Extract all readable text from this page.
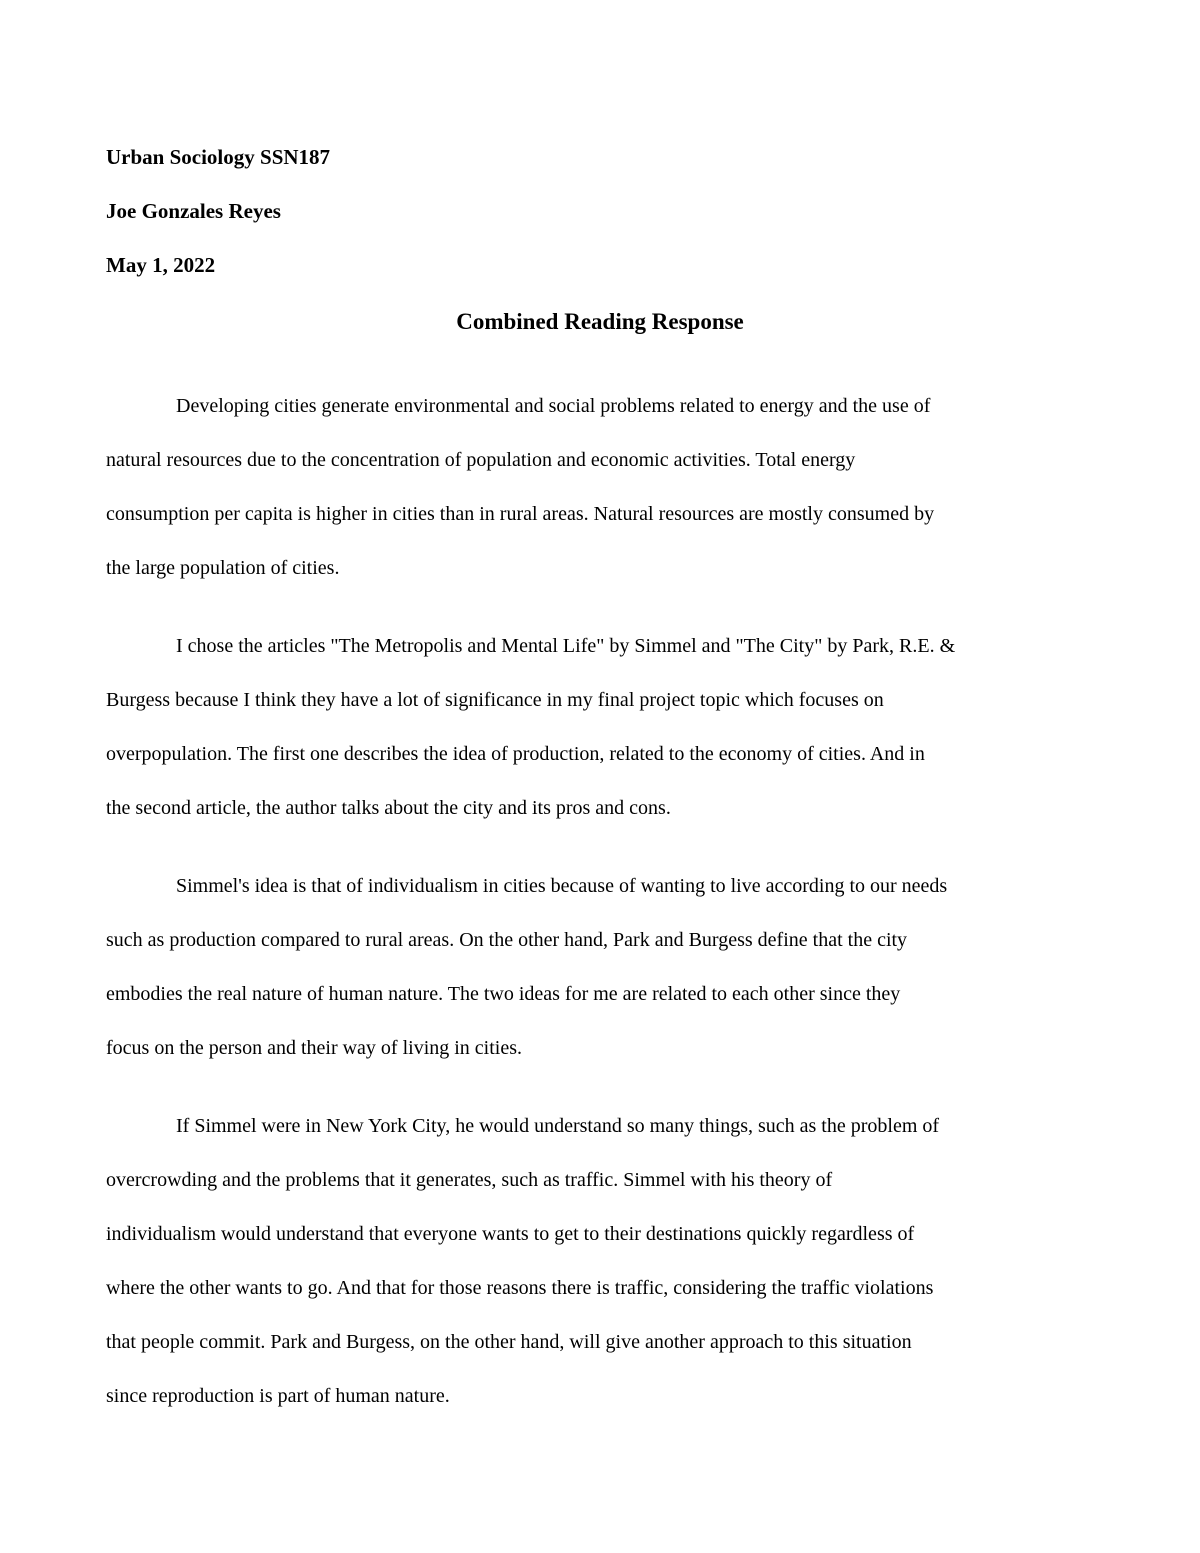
Urban Sociology SSN187
Joe Gonzales Reyes
May 1, 2022
Combined Reading Response
Developing cities generate environmental and social problems related to energy and the use of
natural resources due to the concentration of population and economic activities. Total energy
consumption per capita is higher in cities than in rural areas. Natural resources are mostly consumed by
the large population of cities.
I chose the articles "The Metropolis and Mental Life" by Simmel and "The City" by Park, R.E. &
Burgess because I think they have a lot of significance in my final project topic which focuses on
overpopulation. The first one describes the idea of production, related to the economy of cities. And in
the second article, the author talks about the city and its pros and cons.
Simmel's idea is that of individualism in cities because of wanting to live according to our needs
such as production compared to rural areas. On the other hand, Park and Burgess define that the city
embodies the real nature of human nature. The two ideas for me are related to each other since they
focus on the person and their way of living in cities.
If Simmel were in New York City, he would understand so many things, such as the problem of
overcrowding and the problems that it generates, such as traffic. Simmel with his theory of
individualism would understand that everyone wants to get to their destinations quickly regardless of
where the other wants to go. And that for those reasons there is traffic, considering the traffic violations
that people commit. Park and Burgess, on the other hand, will give another approach to this situation
since reproduction is part of human nature.
